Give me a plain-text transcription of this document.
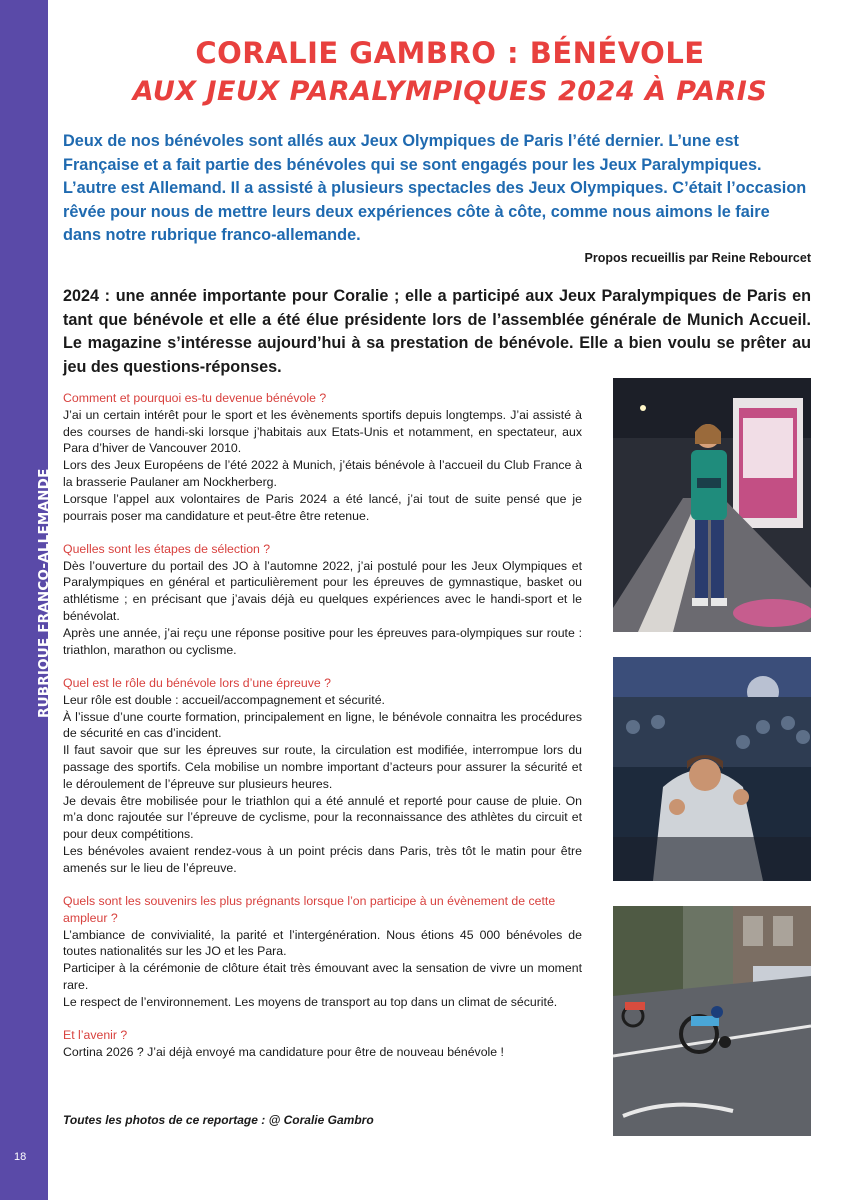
RUBRIQUE FRANCO-ALLEMANDE
18
CORALIE GAMBRO : BÉNÉVOLE
AUX JEUX PARALYMPIQUES 2024 À PARIS
Deux de nos bénévoles sont allés aux Jeux Olympiques de Paris l’été dernier. L’une est Française et a fait partie des bénévoles qui se sont engagés pour les Jeux Paralympiques. L’autre est Allemand. Il a assisté à plusieurs spectacles des Jeux Olympiques. C’était l’occasion rêvée pour nous de mettre leurs deux expériences côte à côte, comme nous aimons le faire dans notre rubrique franco-allemande.
Propos recueillis par Reine Rebourcet
2024 : une année importante pour Coralie ; elle a participé aux Jeux Paralympiques de Paris en tant que bénévole et elle a été élue présidente lors de l’assemblée générale de Munich Accueil. Le magazine s’intéresse aujourd’hui à sa prestation de bénévole. Elle a bien voulu se prêter au jeu des questions-réponses.

Comment et pourquoi es-tu devenue bénévole ?

J’ai un certain intérêt pour le sport et les évènements sportifs depuis longtemps. J’ai assisté à des courses de handi-ski lorsque j’habitais aux Etats-Unis et notamment, en spectateur, aux Para d’hiver de Vancouver 2010.
Lors des Jeux Européens de l’été 2022 à Munich, j’étais bénévole à l’accueil du Club France à la brasserie Paulaner am Nockherberg.
Lorsque l’appel aux volontaires de Paris 2024 a été lancé, j’ai tout de suite pensé que je pourrais poser ma candidature et peut-être être retenue.

Quelles sont les étapes de sélection ?

Dès l’ouverture du portail des JO à l’automne 2022, j’ai postulé pour les Jeux Olympiques et Paralympiques en général et particulièrement pour les épreuves de gymnastique, basket ou athlétisme ; en précisant que j’avais déjà eu quelques expériences avec le handi-sport et le bénévolat.
Après une année, j’ai reçu une réponse positive pour les épreuves para-olympiques sur route : triathlon, marathon ou cyclisme.

Quel est le rôle du bénévole lors d’une épreuve ?

Leur rôle est double : accueil/accompagnement et sécurité.
À l’issue d’une courte formation, principalement en ligne, le bénévole connaitra les procédures de sécurité en cas d’incident.
Il faut savoir que sur les épreuves sur route, la circulation est modifiée, interrompue lors du passage des sportifs. Cela mobilise un nombre important d’acteurs pour assurer la sécurité et le déroulement de l’épreuve sur plusieurs heures.
Je devais être mobilisée pour le triathlon qui a été annulé et reporté pour cause de pluie. On m’a donc rajoutée sur l’épreuve de cyclisme, pour la reconnaissance des athlètes du circuit et pour deux compétitions.
Les bénévoles avaient rendez-vous à un point précis dans Paris, très tôt le matin pour être amenés sur le lieu de l’épreuve.

Quels sont les souvenirs les plus prégnants lorsque l’on participe à un évènement de cette ampleur ?

L’ambiance de convivialité, la parité et l’intergénération. Nous étions 45 000 bénévoles de toutes nationalités sur les JO et les Para.
Participer à la cérémonie de clôture était très émouvant avec la sensation de vivre un moment rare.
Le respect de l’environnement. Les moyens de transport au top dans un climat de sécurité.

Et l’avenir ?

Cortina 2026 ? J’ai déjà envoyé ma candidature pour être de nouveau bénévole !

Toutes les photos de ce reportage : @ Coralie Gambro
